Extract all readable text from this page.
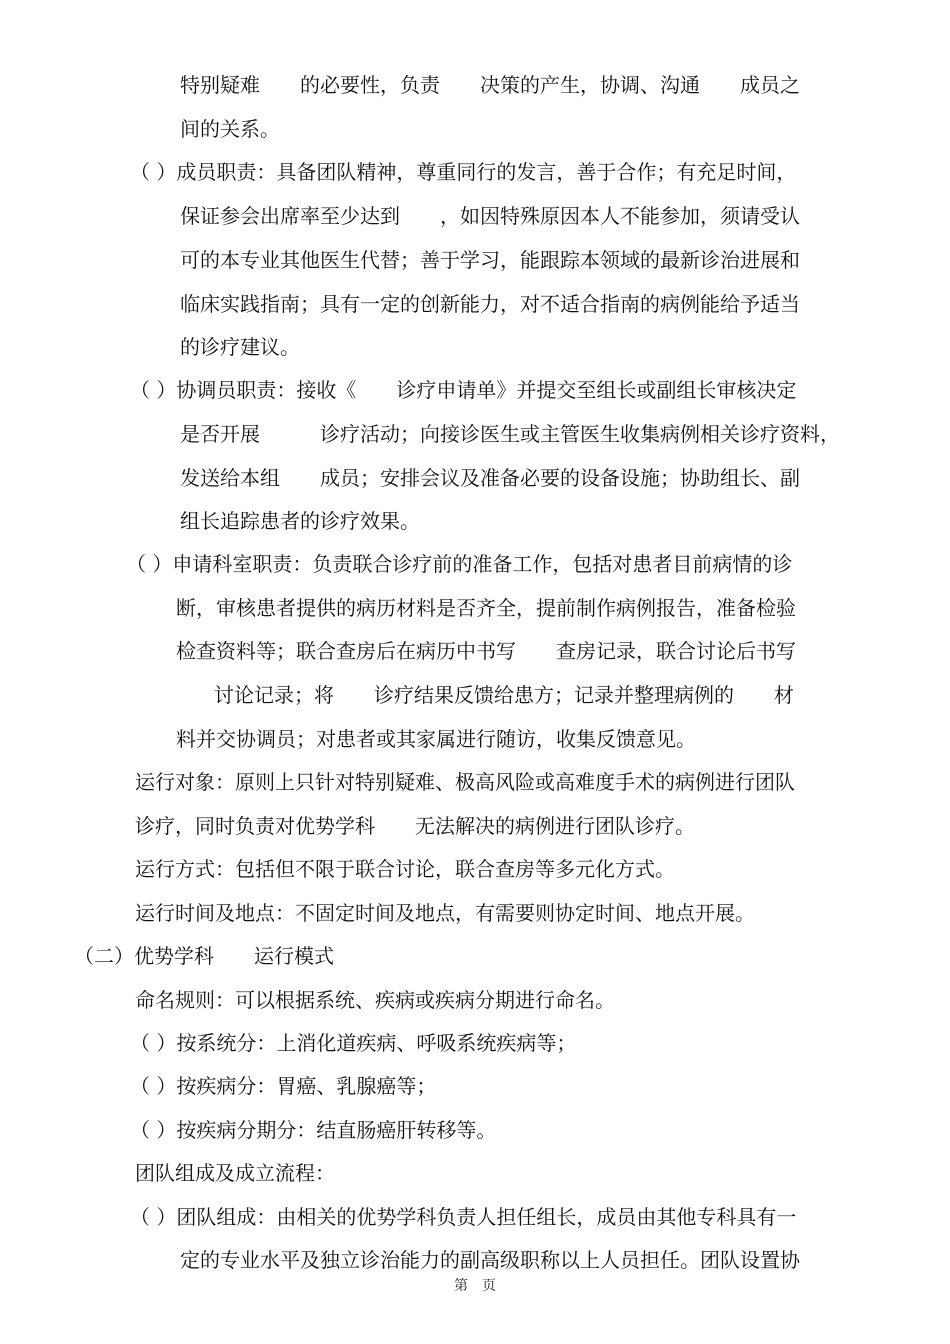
特别疑难　　的必要性，负责　　决策的产生，协调、沟通　　成员之
间的关系。
（ ）成员职责：具备团队精神，尊重同行的发言，善于合作；有充足时间，
保证参会出席率至少达到　　，如因特殊原因本人不能参加，须请受认
可的本专业其他医生代替；善于学习，能跟踪本领域的最新诊治进展和
临床实践指南；具有一定的创新能力，对不适合指南的病例能给予适当
的诊疗建议。
（ ）协调员职责：接收《　　诊疗申请单》并提交至组长或副组长审核决定
是否开展　　　诊疗活动；向接诊医生或主管医生收集病例相关诊疗资料，
发送给本组　　成员；安排会议及准备必要的设备设施；协助组长、副
组长追踪患者的诊疗效果。
（ ）申请科室职责：负责联合诊疗前的准备工作，包括对患者目前病情的诊
断，审核患者提供的病历材料是否齐全，提前制作病例报告，准备检验
检查资料等；联合查房后在病历中书写　　查房记录，联合讨论后书写
讨论记录；将　　诊疗结果反馈给患方；记录并整理病例的　　材
料并交协调员；对患者或其家属进行随访，收集反馈意见。
运行对象：原则上只针对特别疑难、极高风险或高难度手术的病例进行团队
诊疗，同时负责对优势学科　　无法解决的病例进行团队诊疗。
运行方式：包括但不限于联合讨论，联合查房等多元化方式。
运行时间及地点：不固定时间及地点，有需要则协定时间、地点开展。
（二）优势学科　　运行模式
命名规则：可以根据系统、疾病或疾病分期进行命名。
（ ）按系统分：上消化道疾病、呼吸系统疾病等；
（ ）按疾病分：胃癌、乳腺癌等；
（ ）按疾病分期分：结直肠癌肝转移等。
团队组成及成立流程：
（ ）团队组成：由相关的优势学科负责人担任组长，成员由其他专科具有一
定的专业水平及独立诊治能力的副高级职称以上人员担任。团队设置协
第　页
